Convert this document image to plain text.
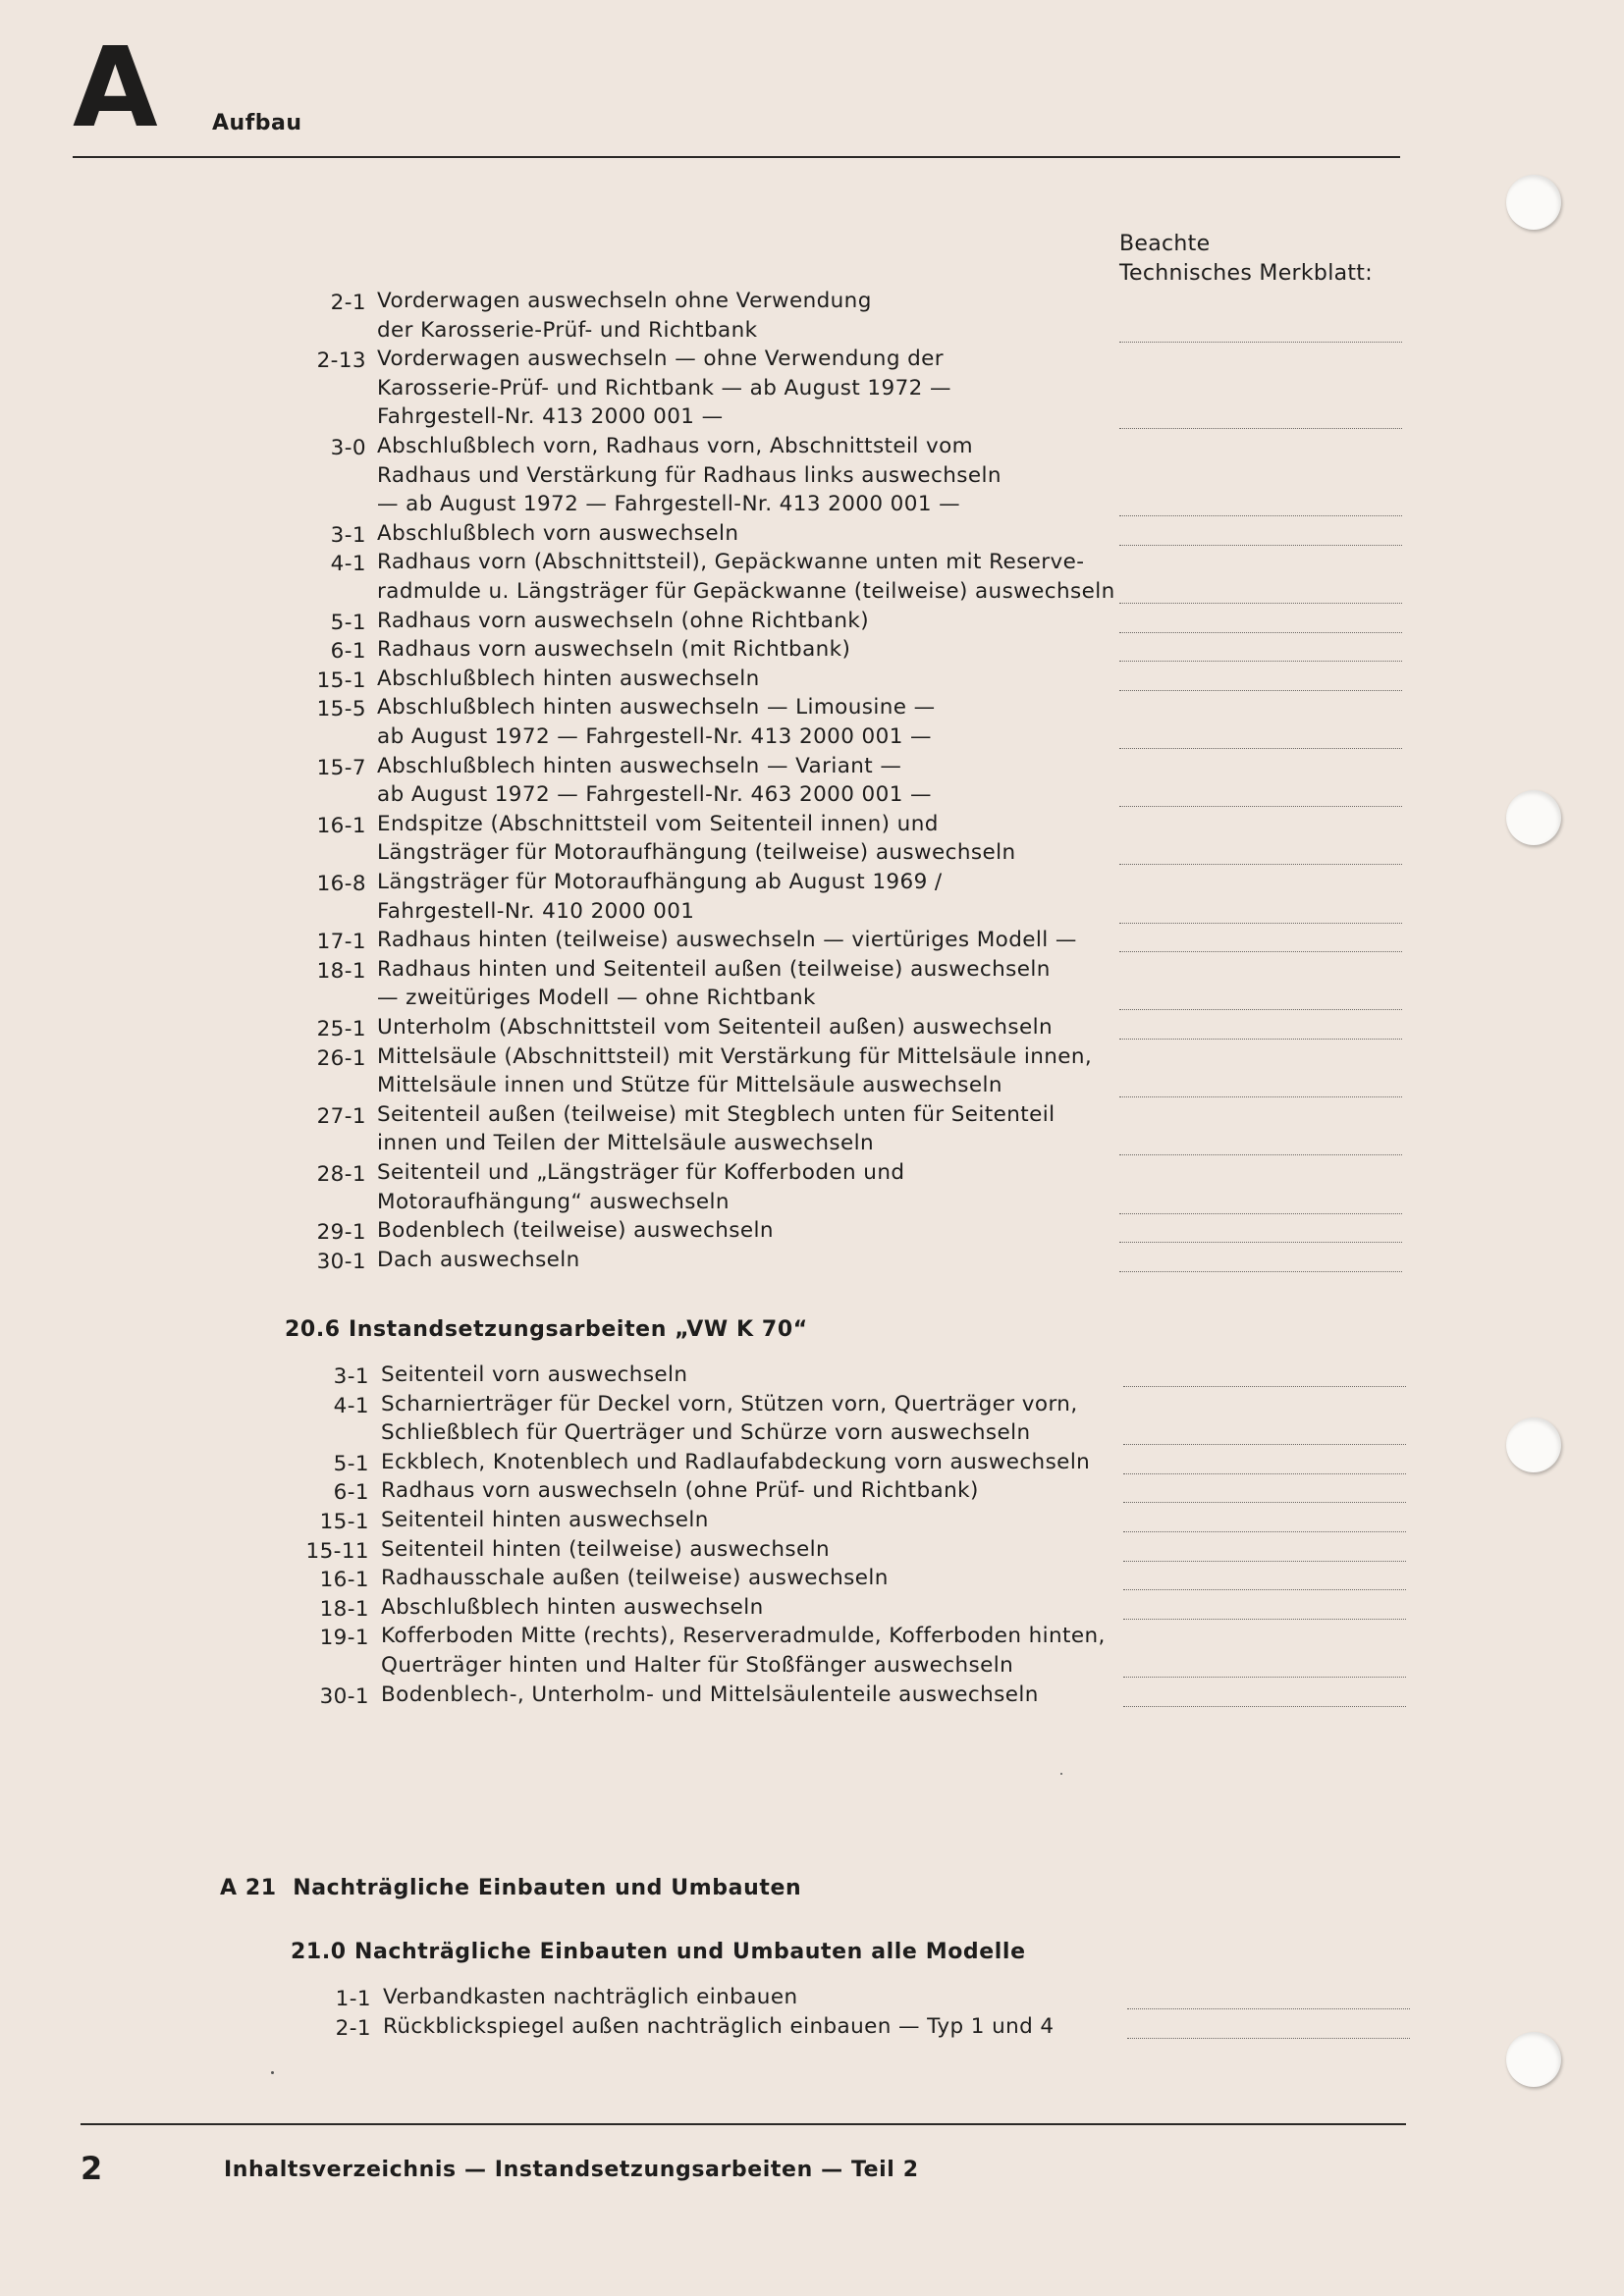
A	Aufbau
Beachte
Technisches Merkblatt:
2-1 Vorderwagen auswechseln ohne Verwendung
der Karosserie-Prüf- und Richtbank
2-13 Vorderwagen auswechseln — ohne Verwendung der
Karosserie-Prüf- und Richtbank — ab August 1972 —
Fahrgestell-Nr. 413 2000 001 —
3-0 Abschlußblech vorn, Radhaus vorn, Abschnittsteil vom
Radhaus und Verstärkung für Radhaus links auswechseln
— ab August 1972 — Fahrgestell-Nr. 413 2000 001 —
3-1 Abschlußblech vorn auswechseln
4-1 Radhaus vorn (Abschnittsteil), Gepäckwanne unten mit Reserve-
radmulde u. Längsträger für Gepäckwanne (teilweise) auswechseln
5-1 Radhaus vorn auswechseln (ohne Richtbank)
6-1 Radhaus vorn auswechseln (mit Richtbank)
15-1 Abschlußblech hinten auswechseln
15-5 Abschlußblech hinten auswechseln — Limousine —
ab August 1972 — Fahrgestell-Nr. 413 2000 001 —
15-7 Abschlußblech hinten auswechseln — Variant —
ab August 1972 — Fahrgestell-Nr. 463 2000 001 —
16-1 Endspitze (Abschnittsteil vom Seitenteil innen) und
Längsträger für Motoraufhängung (teilweise) auswechseln
16-8 Längsträger für Motoraufhängung ab August 1969 /
Fahrgestell-Nr. 410 2000 001
17-1 Radhaus hinten (teilweise) auswechseln — viertüriges Modell —
18-1 Radhaus hinten und Seitenteil außen (teilweise) auswechseln
— zweitüriges Modell — ohne Richtbank
25-1 Unterholm (Abschnittsteil vom Seitenteil außen) auswechseln
26-1 Mittelsäule (Abschnittsteil) mit Verstärkung für Mittelsäule innen,
Mittelsäule innen und Stütze für Mittelsäule auswechseln
27-1 Seitenteil außen (teilweise) mit Stegblech unten für Seitenteil
innen und Teilen der Mittelsäule auswechseln
28-1 Seitenteil und „Längsträger für Kofferboden und
Motoraufhängung“ auswechseln
29-1 Bodenblech (teilweise) auswechseln
30-1 Dach auswechseln
20.6 Instandsetzungsarbeiten „VW K 70“
3-1 Seitenteil vorn auswechseln
4-1 Scharnierträger für Deckel vorn, Stützen vorn, Querträger vorn,
Schließblech für Querträger und Schürze vorn auswechseln
5-1 Eckblech, Knotenblech und Radlaufabdeckung vorn auswechseln
6-1 Radhaus vorn auswechseln (ohne Prüf- und Richtbank)
15-1 Seitenteil hinten auswechseln
15-11 Seitenteil hinten (teilweise) auswechseln
16-1 Radhausschale außen (teilweise) auswechseln
18-1 Abschlußblech hinten auswechseln
19-1 Kofferboden Mitte (rechts), Reserveradmulde, Kofferboden hinten,
Querträger hinten und Halter für Stoßfänger auswechseln
30-1 Bodenblech-, Unterholm- und Mittelsäulenteile auswechseln
A 21  Nachträgliche Einbauten und Umbauten
21.0 Nachträgliche Einbauten und Umbauten alle Modelle
1-1 Verbandkasten nachträglich einbauen
2-1 Rückblickspiegel außen nachträglich einbauen — Typ 1 und 4
2	Inhaltsverzeichnis — Instandsetzungsarbeiten — Teil 2
